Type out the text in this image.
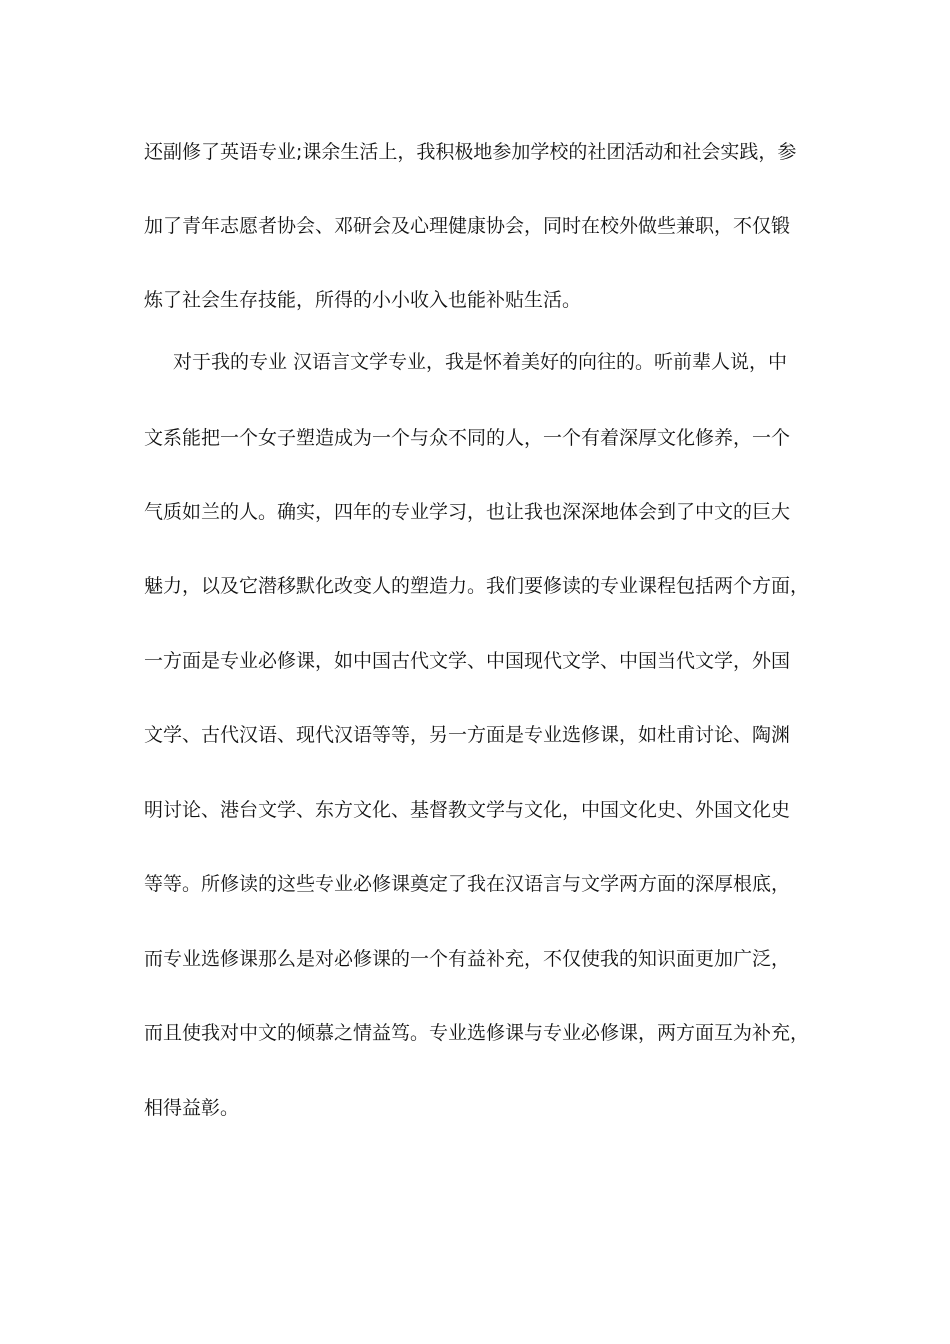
还副修了英语专业;课余生活上，我积极地参加学校的社团活动和社会实践，参
加了青年志愿者协会、邓研会及心理健康协会，同时在校外做些兼职，不仅锻
炼了社会生存技能，所得的小小收入也能补贴生活。
对于我的专业 汉语言文学专业，我是怀着美好的向往的。听前辈人说，中
文系能把一个女子塑造成为一个与众不同的人，一个有着深厚文化修养，一个
气质如兰的人。确实，四年的专业学习，也让我也深深地体会到了中文的巨大
魅力，以及它潜移默化改变人的塑造力。我们要修读的专业课程包括两个方面，
一方面是专业必修课，如中国古代文学、中国现代文学、中国当代文学，外国
文学、古代汉语、现代汉语等等，另一方面是专业选修课，如杜甫讨论、陶渊
明讨论、港台文学、东方文化、基督教文学与文化，中国文化史、外国文化史
等等。所修读的这些专业必修课奠定了我在汉语言与文学两方面的深厚根底，
而专业选修课那么是对必修课的一个有益补充，不仅使我的知识面更加广泛，
而且使我对中文的倾慕之情益笃。专业选修课与专业必修课，两方面互为补充，
相得益彰。
